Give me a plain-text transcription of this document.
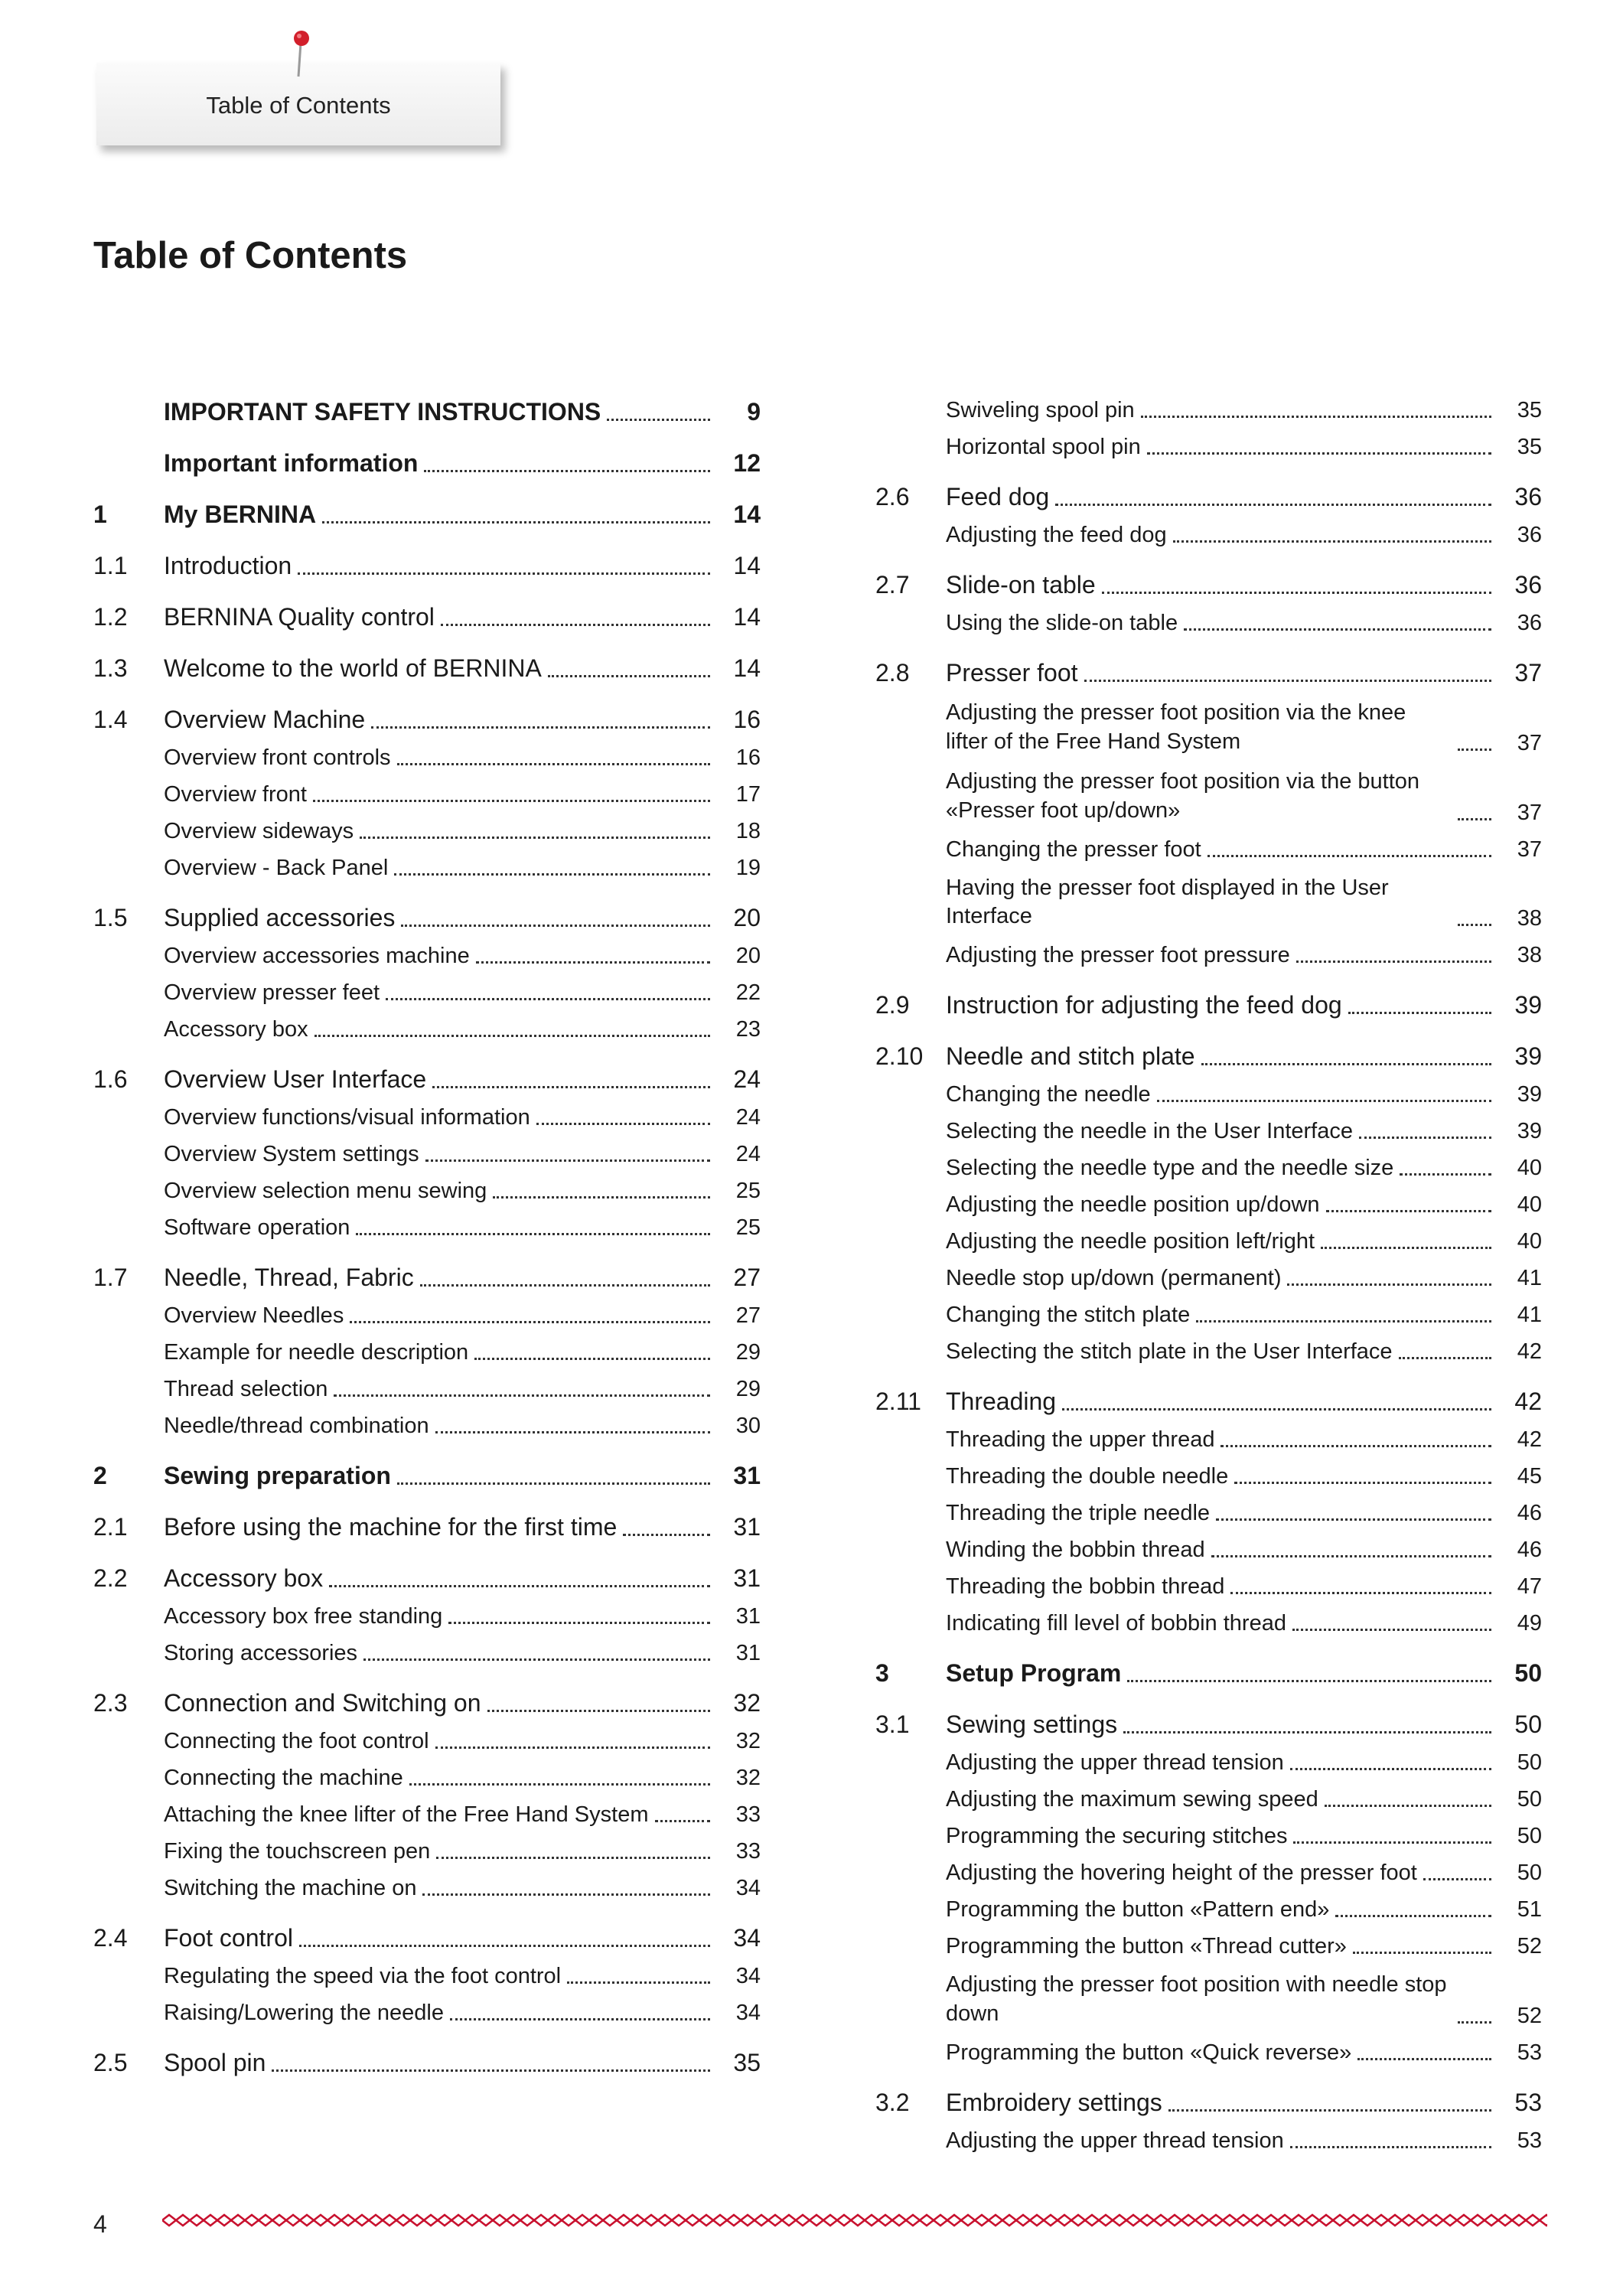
Table of Contents
Table of Contents
IMPORTANT SAFETY INSTRUCTIONS	9
Important information	12
1	My BERNINA	14
1.1	Introduction	14
1.2	BERNINA Quality control	14
1.3	Welcome to the world of BERNINA	14
1.4	Overview Machine	16
Overview front controls	16
Overview front	17
Overview sideways	18
Overview - Back Panel	19
1.5	Supplied accessories	20
Overview accessories machine	20
Overview presser feet	22
Accessory box	23
1.6	Overview User Interface	24
Overview functions/visual information	24
Overview System settings	24
Overview selection menu sewing	25
Software operation	25
1.7	Needle, Thread, Fabric	27
Overview Needles	27
Example for needle description	29
Thread selection	29
Needle/thread combination	30
2	Sewing preparation	31
2.1	Before using the machine for the first time	31
2.2	Accessory box	31
Accessory box free standing	31
Storing accessories	31
2.3	Connection and Switching on	32
Connecting the foot control	32
Connecting the machine	32
Attaching the knee lifter of the Free Hand System	33
Fixing the touchscreen pen	33
Switching the machine on	34
2.4	Foot control	34
Regulating the speed via the foot control	34
Raising/Lowering the needle	34
2.5	Spool pin	35
Swiveling spool pin	35
Horizontal spool pin	35
2.6	Feed dog	36
Adjusting the feed dog	36
2.7	Slide-on table	36
Using the slide-on table	36
2.8	Presser foot	37
Adjusting the presser foot position via the knee lifter of the Free Hand System	37
Adjusting the presser foot position via the button «Presser foot up/down»	37
Changing the presser foot	37
Having the presser foot displayed in the User Interface	38
Adjusting the presser foot pressure	38
2.9	Instruction for adjusting the feed dog	39
2.10 Needle and stitch plate	39
Changing the needle	39
Selecting the needle in the User Interface	39
Selecting the needle type and the needle size	40
Adjusting the needle position up/down	40
Adjusting the needle position left/right	40
Needle stop up/down (permanent)	41
Changing the stitch plate	41
Selecting the stitch plate in the User Interface	42
2.11	Threading	42
Threading the upper thread	42
Threading the double needle	45
Threading the triple needle	46
Winding the bobbin thread	46
Threading the bobbin thread	47
Indicating fill level of bobbin thread	49
3	Setup Program	50
3.1	Sewing settings	50
Adjusting the upper thread tension	50
Adjusting the maximum sewing speed	50
Programming the securing stitches	50
Adjusting the hovering height of the presser foot	50
Programming the button «Pattern end»	51
Programming the button «Thread cutter»	52
Adjusting the presser foot position with needle stop down	52
Programming the button «Quick reverse»	53
3.2	Embroidery settings	53
Adjusting the upper thread tension	53
4
